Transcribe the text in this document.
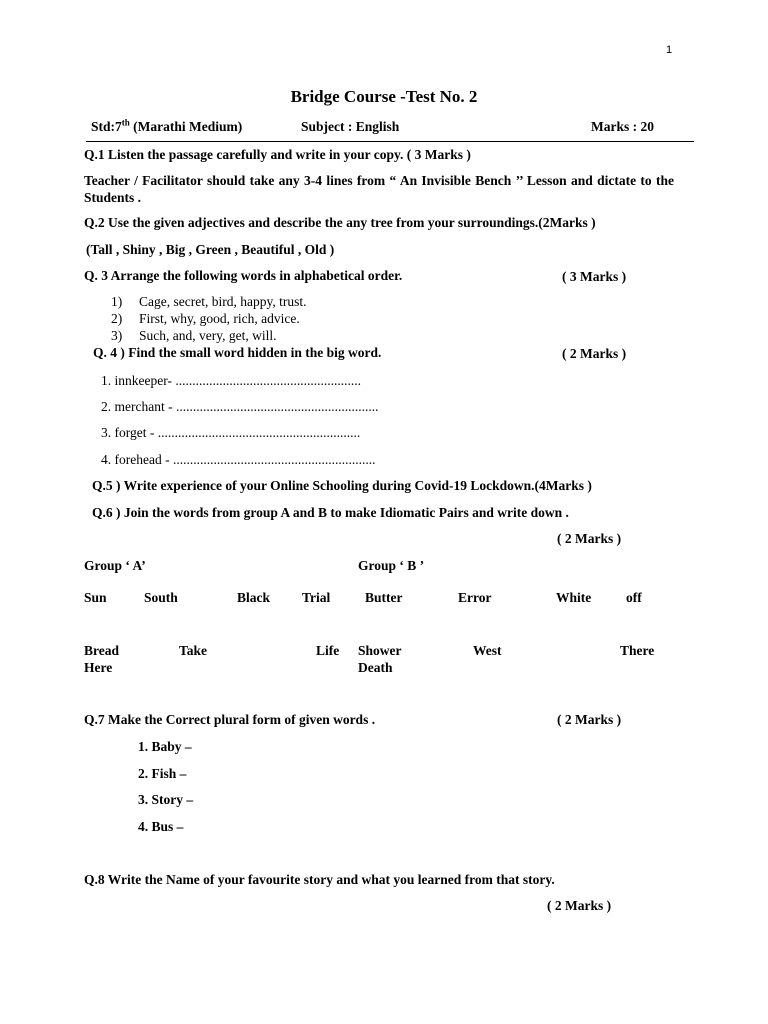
1
Bridge Course -Test No. 2
Std:7th (Marathi Medium)	Subject : English	Marks : 20
Q.1 Listen the passage carefully and write in your copy. ( 3 Marks )
Teacher / Facilitator should take any 3-4 lines from “ An Invisible Bench ’’ Lesson and dictate to the Students .
Q.2 Use the given adjectives and describe the any tree from your surroundings.(2Marks )
(Tall , Shiny , Big , Green , Beautiful , Old )
Q. 3 Arrange the following words in alphabetical order.	( 3 Marks )
1) Cage, secret, bird, happy, trust.
2) First, why, good, rich, advice.
3) Such, and, very, get, will.
Q. 4 ) Find the small word hidden in the big word.	( 2 Marks )
1. innkeeper- .......................................................
2. merchant - ............................................................
3. forget - ............................................................
4. forehead - ............................................................
Q.5 ) Write experience of your Online Schooling during Covid-19 Lockdown.(4Marks )
Q.6 ) Join the words from group A and B to make Idiomatic Pairs and write down .
( 2 Marks )
Group ‘ A’	Group ‘ B ’
Sun	South	Black Trial	Butter	Error	White	off
Bread	Take	Life Shower	West	There
Here	Death
Q.7 Make the Correct plural form of given words .	( 2 Marks )
1. Baby –
2. Fish –
3. Story –
4. Bus –
Q.8 Write the Name of your favourite story and what you learned from that story.
( 2 Marks )
